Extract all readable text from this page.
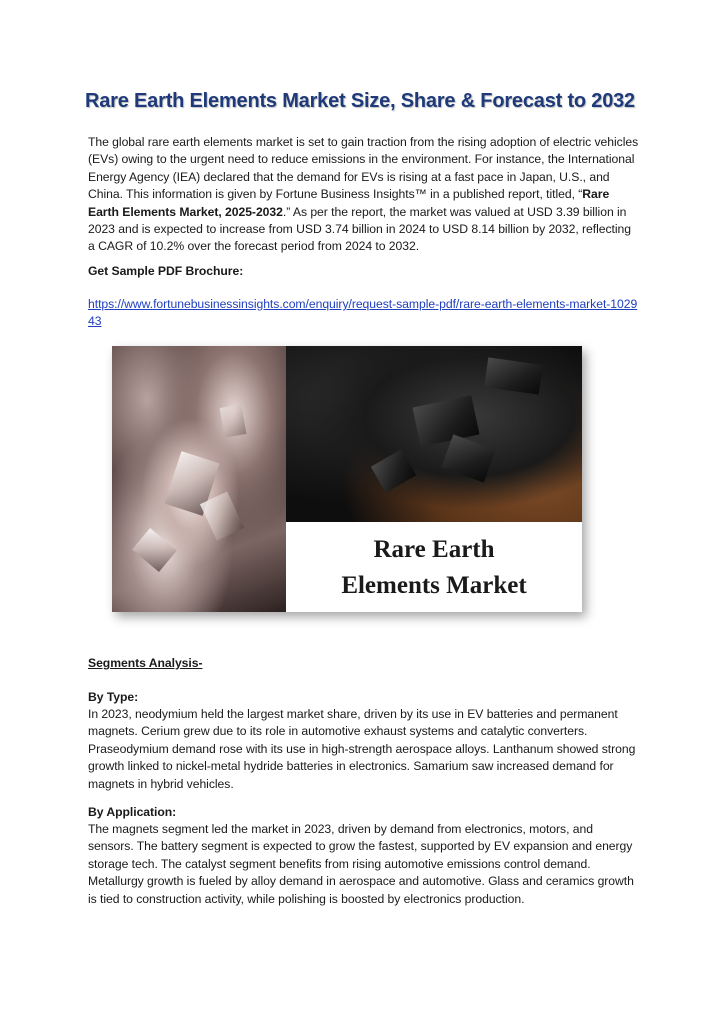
Rare Earth Elements Market Size, Share & Forecast to 2032
The global rare earth elements market is set to gain traction from the rising adoption of electric vehicles (EVs) owing to the urgent need to reduce emissions in the environment. For instance, the International Energy Agency (IEA) declared that the demand for EVs is rising at a fast pace in Japan, U.S., and China. This information is given by Fortune Business Insights™ in a published report, titled, “Rare Earth Elements Market, 2025-2032.” As per the report, the market was valued at USD 3.39 billion in 2023 and is expected to increase from USD 3.74 billion in 2024 to USD 8.14 billion by 2032, reflecting a CAGR of 10.2% over the forecast period from 2024 to 2032.
Get Sample PDF Brochure:
https://www.fortunebusinessinsights.com/enquiry/request-sample-pdf/rare-earth-elements-market-102943
Rare Earth
Elements Market
Segments Analysis-
By Type:
In 2023, neodymium held the largest market share, driven by its use in EV batteries and permanent magnets. Cerium grew due to its role in automotive exhaust systems and catalytic converters. Praseodymium demand rose with its use in high-strength aerospace alloys. Lanthanum showed strong growth linked to nickel-metal hydride batteries in electronics. Samarium saw increased demand for magnets in hybrid vehicles.
By Application:
The magnets segment led the market in 2023, driven by demand from electronics, motors, and sensors. The battery segment is expected to grow the fastest, supported by EV expansion and energy storage tech. The catalyst segment benefits from rising automotive emissions control demand. Metallurgy growth is fueled by alloy demand in aerospace and automotive. Glass and ceramics growth is tied to construction activity, while polishing is boosted by electronics production.
